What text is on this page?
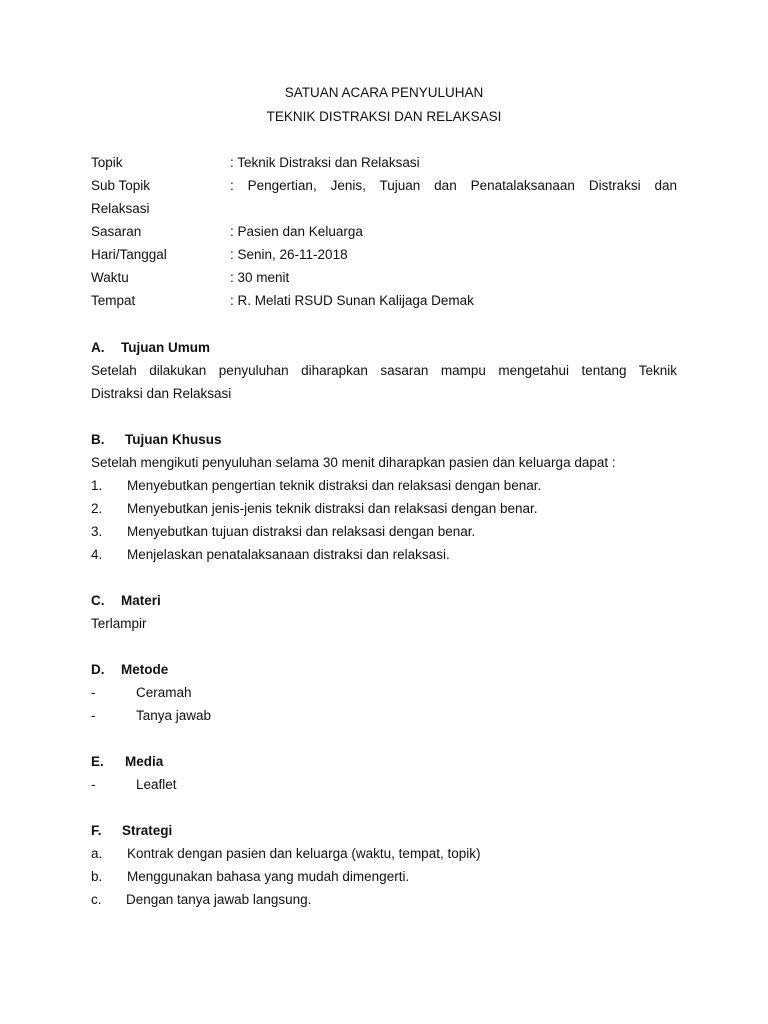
SATUAN ACARA PENYULUHAN
TEKNIK DISTRAKSI DAN RELAKSASI
Topik	: Teknik Distraksi dan Relaksasi
Sub Topik	: Pengertian, Jenis, Tujuan dan Penatalaksanaan Distraksi dan
Relaksasi
Sasaran	: Pasien dan Keluarga
Hari/Tanggal	: Senin, 26-11-2018
Waktu	: 30 menit
Tempat	: R. Melati RSUD Sunan Kalijaga Demak
A. Tujuan Umum
Setelah dilakukan penyuluhan diharapkan sasaran mampu mengetahui tentang Teknik
Distraksi dan Relaksasi
B. Tujuan Khusus
Setelah mengikuti penyuluhan selama 30 menit diharapkan pasien dan keluarga dapat :
1. Menyebutkan pengertian teknik distraksi dan relaksasi dengan benar.
2. Menyebutkan jenis-jenis teknik distraksi dan relaksasi dengan benar.
3. Menyebutkan tujuan distraksi dan relaksasi dengan benar.
4. Menjelaskan penatalaksanaan distraksi dan relaksasi.
C. Materi
Terlampir
D. Metode
-	Ceramah
-	Tanya jawab
E. Media
-	Leaflet
F. Strategi
a. Kontrak dengan pasien dan keluarga (waktu, tempat, topik)
b. Menggunakan bahasa yang mudah dimengerti.
c. Dengan tanya jawab langsung.
